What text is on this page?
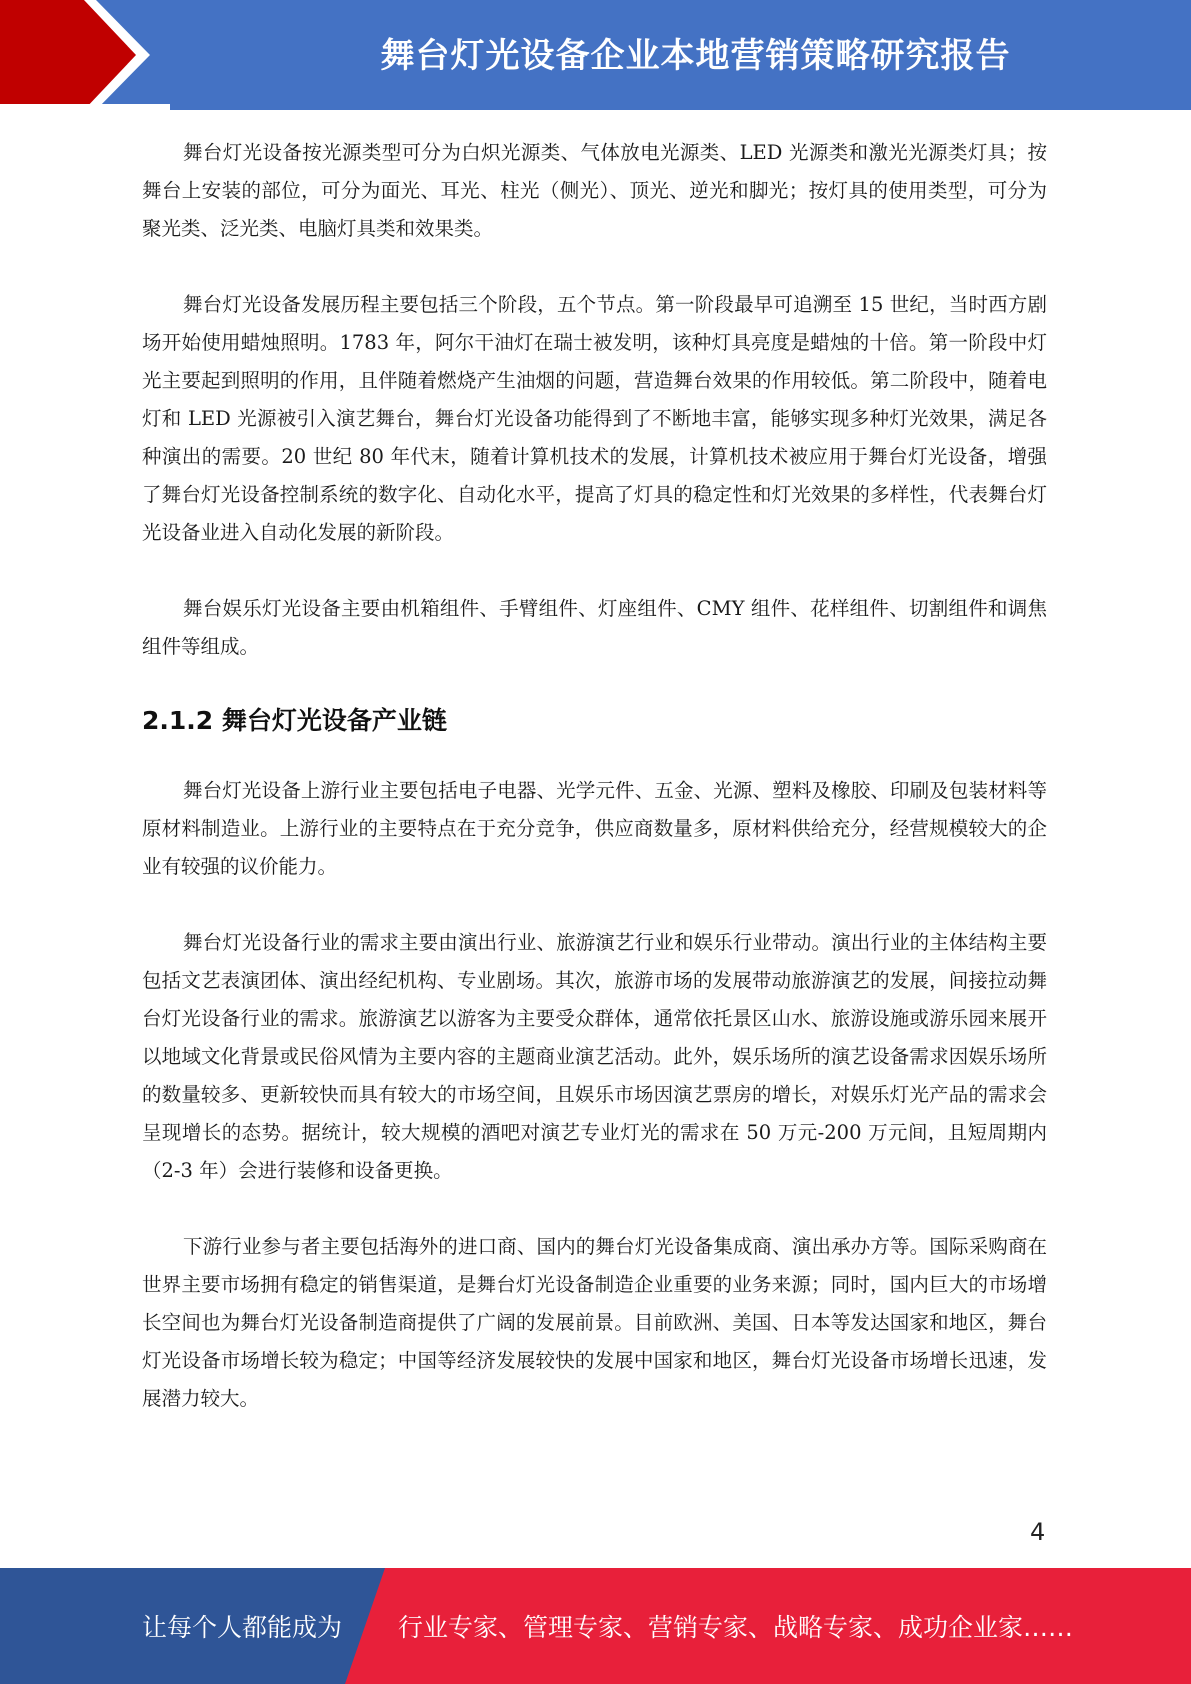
舞台灯光设备企业本地营销策略研究报告

舞台灯光设备按光源类型可分为白炽光源类、气体放电光源类、LED 光源类和激光光源类灯具；按舞台上安装的部位，可分为面光、耳光、柱光（侧光）、顶光、逆光和脚光；按灯具的使用类型，可分为聚光类、泛光类、电脑灯具类和效果类。

舞台灯光设备发展历程主要包括三个阶段，五个节点。第一阶段最早可追溯至 15 世纪，当时西方剧场开始使用蜡烛照明。1783 年，阿尔干油灯在瑞士被发明，该种灯具亮度是蜡烛的十倍。第一阶段中灯光主要起到照明的作用，且伴随着燃烧产生油烟的问题，营造舞台效果的作用较低。第二阶段中，随着电灯和 LED 光源被引入演艺舞台，舞台灯光设备功能得到了不断地丰富，能够实现多种灯光效果，满足各种演出的需要。20 世纪 80 年代末，随着计算机技术的发展，计算机技术被应用于舞台灯光设备，增强了舞台灯光设备控制系统的数字化、自动化水平，提高了灯具的稳定性和灯光效果的多样性，代表舞台灯光设备业进入自动化发展的新阶段。

舞台娱乐灯光设备主要由机箱组件、手臂组件、灯座组件、CMY 组件、花样组件、切割组件和调焦组件等组成。

2.1.2 舞台灯光设备产业链

舞台灯光设备上游行业主要包括电子电器、光学元件、五金、光源、塑料及橡胶、印刷及包装材料等原材料制造业。上游行业的主要特点在于充分竞争，供应商数量多，原材料供给充分，经营规模较大的企业有较强的议价能力。

舞台灯光设备行业的需求主要由演出行业、旅游演艺行业和娱乐行业带动。演出行业的主体结构主要包括文艺表演团体、演出经纪机构、专业剧场。其次，旅游市场的发展带动旅游演艺的发展，间接拉动舞台灯光设备行业的需求。旅游演艺以游客为主要受众群体，通常依托景区山水、旅游设施或游乐园来展开以地域文化背景或民俗风情为主要内容的主题商业演艺活动。此外，娱乐场所的演艺设备需求因娱乐场所的数量较多、更新较快而具有较大的市场空间，且娱乐市场因演艺票房的增长，对娱乐灯光产品的需求会呈现增长的态势。据统计，较大规模的酒吧对演艺专业灯光的需求在 50 万元-200 万元间，且短周期内（2-3 年）会进行装修和设备更换。

下游行业参与者主要包括海外的进口商、国内的舞台灯光设备集成商、演出承办方等。国际采购商在世界主要市场拥有稳定的销售渠道，是舞台灯光设备制造企业重要的业务来源；同时，国内巨大的市场增长空间也为舞台灯光设备制造商提供了广阔的发展前景。目前欧洲、美国、日本等发达国家和地区，舞台灯光设备市场增长较为稳定；中国等经济发展较快的发展中国家和地区，舞台灯光设备市场增长迅速，发展潜力较大。

4
让每个人都能成为 行业专家、管理专家、营销专家、战略专家、成功企业家……
